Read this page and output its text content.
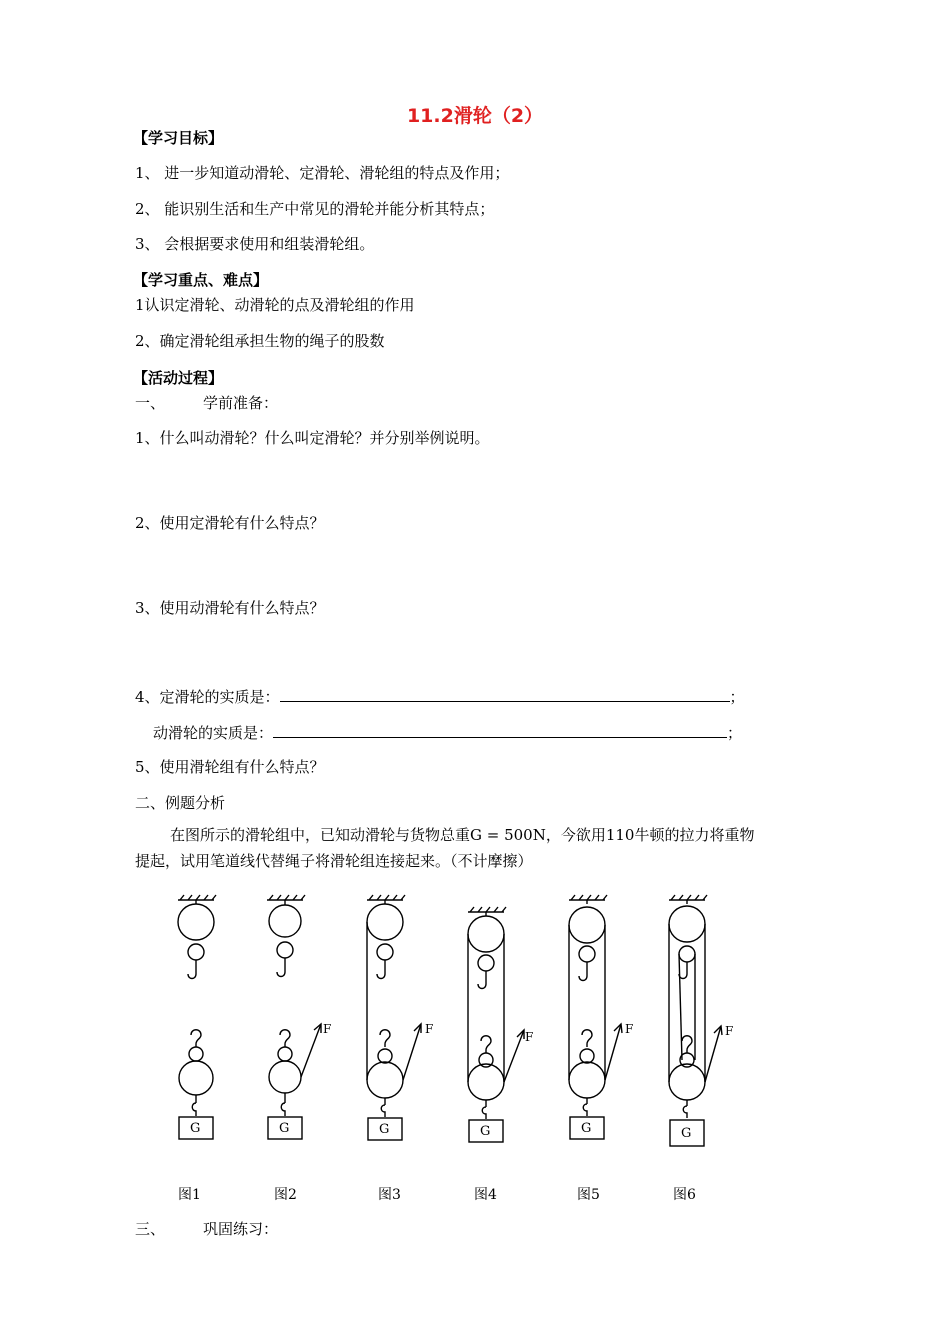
11.2滑轮（2）
【学习目标】
1、 进一步知道动滑轮、定滑轮、滑轮组的特点及作用；
2、 能识别生活和生产中常见的滑轮并能分析其特点；
3、 会根据要求使用和组装滑轮组。
【学习重点、难点】
1认识定滑轮、动滑轮的点及滑轮组的作用
2、确定滑轮组承担生物的绳子的股数
【活动过程】
一、	学前准备：
1、什么叫动滑轮？什么叫定滑轮？并分别举例说明。
2、使用定滑轮有什么特点？
3、使用动滑轮有什么特点？
4、定滑轮的实质是：	；
动滑轮的实质是：	；
5、使用滑轮组有什么特点？
二、例题分析
在图所示的滑轮组中，已知动滑轮与货物总重G = 500N，今欲用110牛顿的拉力将重物
提起，试用笔道线代替绳子将滑轮组连接起来。（不计摩擦）
G	G	G	G	G	G
F	F
F
F	F
图1	图2	图3	图4	图5	图6
三、	巩固练习：
